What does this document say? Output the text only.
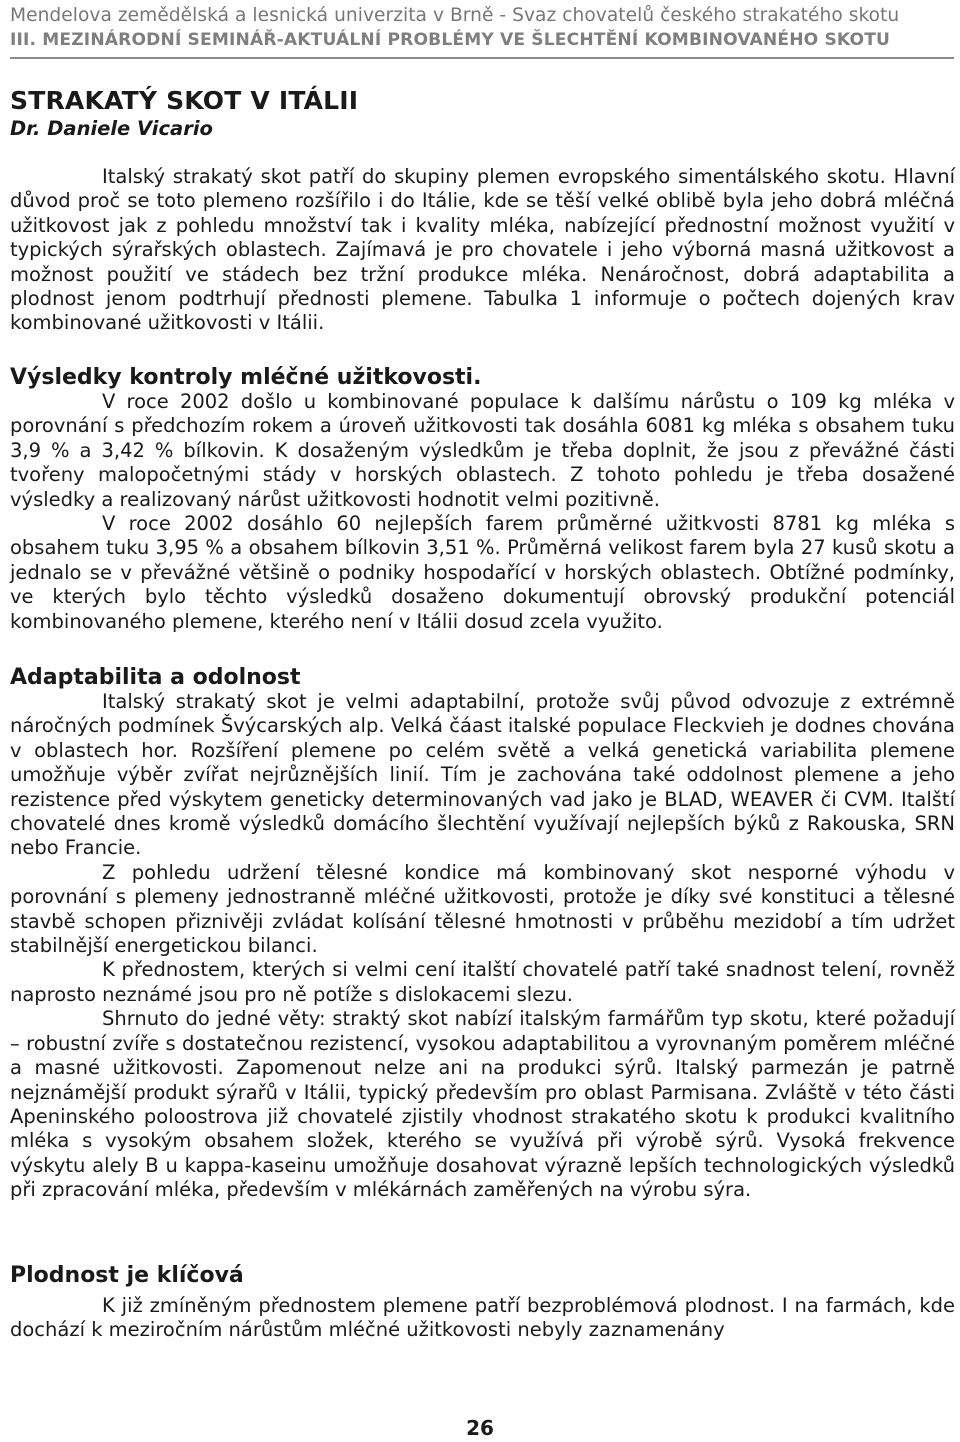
Mendelova zemědělská a lesnická univerzita v Brně - Svaz chovatelů českého strakatého skotu
III. MEZINÁRODNÍ SEMINÁŘ-AKTUÁLNÍ PROBLÉMY VE ŠLECHTĚNÍ KOMBINOVANÉHO SKOTU
STRAKATÝ SKOT V ITÁLII
Dr. Daniele Vicario

Italský strakatý skot patří do skupiny plemen evropského simentálského skotu. Hlavní důvod proč se toto plemeno rozšířilo i do Itálie, kde se těší velké oblibě byla jeho dobrá mléčná užitkovost jak z pohledu množství tak i kvality mléka, nabízející přednostní možnost využití v typických sýrařských oblastech. Zajímavá je pro chovatele i jeho výborná masná užitkovost a možnost použití ve stádech bez tržní produkce mléka. Nenáročnost, dobrá adaptabilita a plodnost jenom podtrhují přednosti plemene. Tabulka 1 informuje o počtech dojených krav kombinované užitkovosti v Itálii.

Výsledky kontroly mléčné užitkovosti.

V roce 2002 došlo u kombinované populace k dalšímu nárůstu o 109 kg mléka v porovnání s předchozím rokem a úroveň užitkovosti tak dosáhla 6081 kg mléka s obsahem tuku 3,9 % a 3,42 % bílkovin. K dosaženým výsledkům je třeba doplnit, že jsou z převážné části tvořeny malopočetnými stády v horských oblastech. Z tohoto pohledu je třeba dosažené výsledky a realizovaný nárůst užitkovosti hodnotit velmi pozitivně.

V roce 2002 dosáhlo 60 nejlepších farem průměrné užitkvosti 8781 kg mléka s obsahem tuku 3,95 % a obsahem bílkovin 3,51 %. Průměrná velikost farem byla 27 kusů skotu a jednalo se v převážné většině o podniky hospodařící v horských oblastech. Obtížné podmínky, ve kterých bylo těchto výsledků dosaženo dokumentují obrovský produkční potenciál kombinovaného plemene, kterého není v Itálii dosud zcela využito.

Adaptabilita a odolnost

Italský strakatý skot je velmi adaptabilní, protože svůj původ odvozuje z extrémně náročných podmínek Švýcarských alp. Velká čáast italské populace Fleckvieh je dodnes chována v oblastech hor. Rozšíření plemene po celém světě a velká genetická variabilita plemene umožňuje výběr zvířat nejrůznějších linií. Tím je zachována také oddolnost plemene a jeho rezistence před výskytem geneticky determinovaných vad jako je BLAD, WEAVER či CVM. Italští chovatelé dnes kromě výsledků domácího šlechtění využívají nejlepších býků z Rakouska, SRN nebo Francie.

Z pohledu udržení tělesné kondice má kombinovaný skot nesporné výhodu v porovnání s plemeny jednostranně mléčné užitkovosti, protože je díky své konstituci a tělesné stavbě schopen přiznivěji zvládat kolísání tělesné hmotnosti v průběhu mezidobí a tím udržet stabilnější energetickou bilanci.

K přednostem, kterých si velmi cení italští chovatelé patří také snadnost telení, rovněž naprosto neznámé jsou pro ně potíže s dislokacemi slezu.

Shrnuto do jedné věty: straktý skot nabízí italským farmářům typ skotu, které požadují – robustní zvíře s dostatečnou rezistencí, vysokou adaptabilitou a vyrovnaným poměrem mléčné a masné užitkovosti. Zapomenout nelze ani na produkci sýrů. Italský parmezán je patrně nejznámější produkt sýrařů v Itálii, typický především pro oblast Parmisana. Zvláště v této části Apeninského poloostrova již chovatelé zjistily vhodnost strakatého skotu k produkci kvalitního mléka s vysokým obsahem složek, kterého se využívá při výrobě sýrů. Vysoká frekvence výskytu alely B u kappa-kaseinu umožňuje dosahovat výrazně lepších technologických výsledků při zpracování mléka, především v mlékárnách zaměřených na výrobu sýra.

Plodnost je klíčová

K již zmíněným přednostem plemene patří bezproblémová plodnost. I na farmách, kde dochází k meziročním nárůstům mléčné užitkovosti nebyly zaznamenány

26
